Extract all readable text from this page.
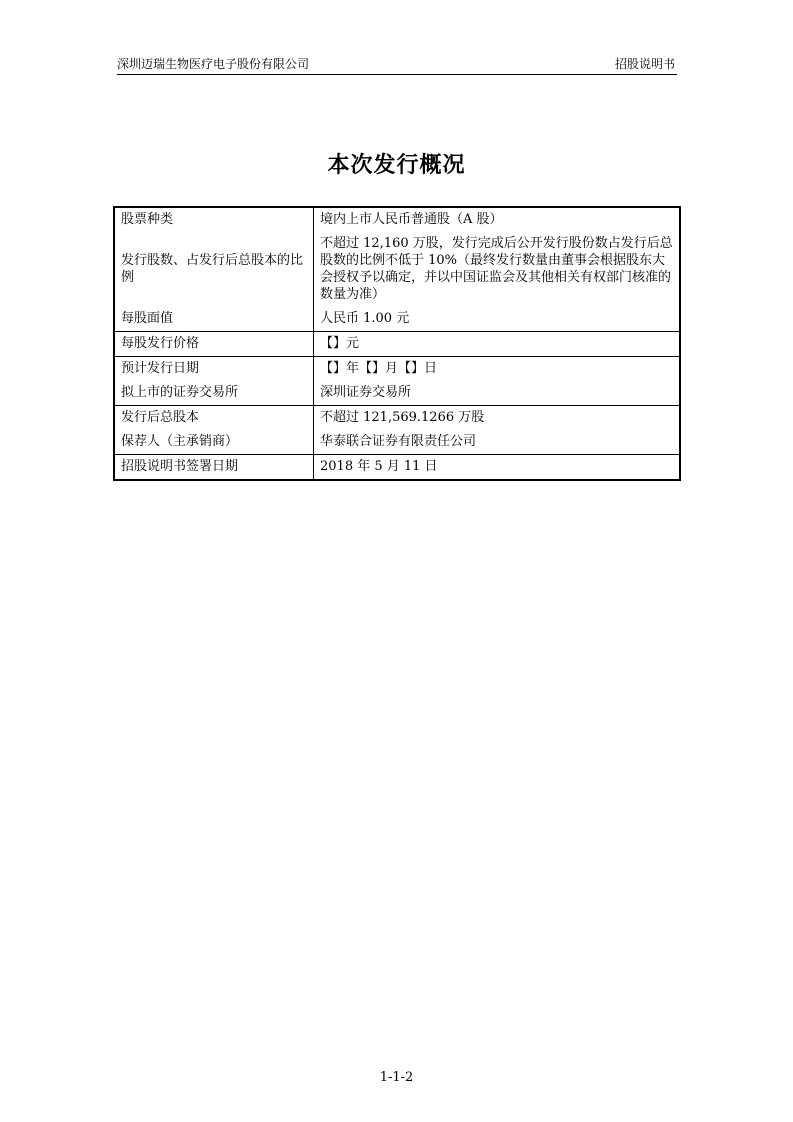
深圳迈瑞生物医疗电子股份有限公司	招股说明书
本次发行概况
股票种类	境内上市人民币普通股（A 股）
发行股数、占发行后总股本的比例	不超过 12,160 万股，发行完成后公开发行股份数占发行后总股数的比例不低于 10%（最终发行数量由董事会根据股东大会授权予以确定，并以中国证监会及其他相关有权部门核准的数量为准）
每股面值	人民币 1.00 元
每股发行价格	【】元
预计发行日期	【】年【】月【】日
拟上市的证券交易所	深圳证券交易所
发行后总股本	不超过 121,569.1266 万股
保荐人（主承销商）	华泰联合证券有限责任公司
招股说明书签署日期	2018 年 5 月 11 日
1-1-2
